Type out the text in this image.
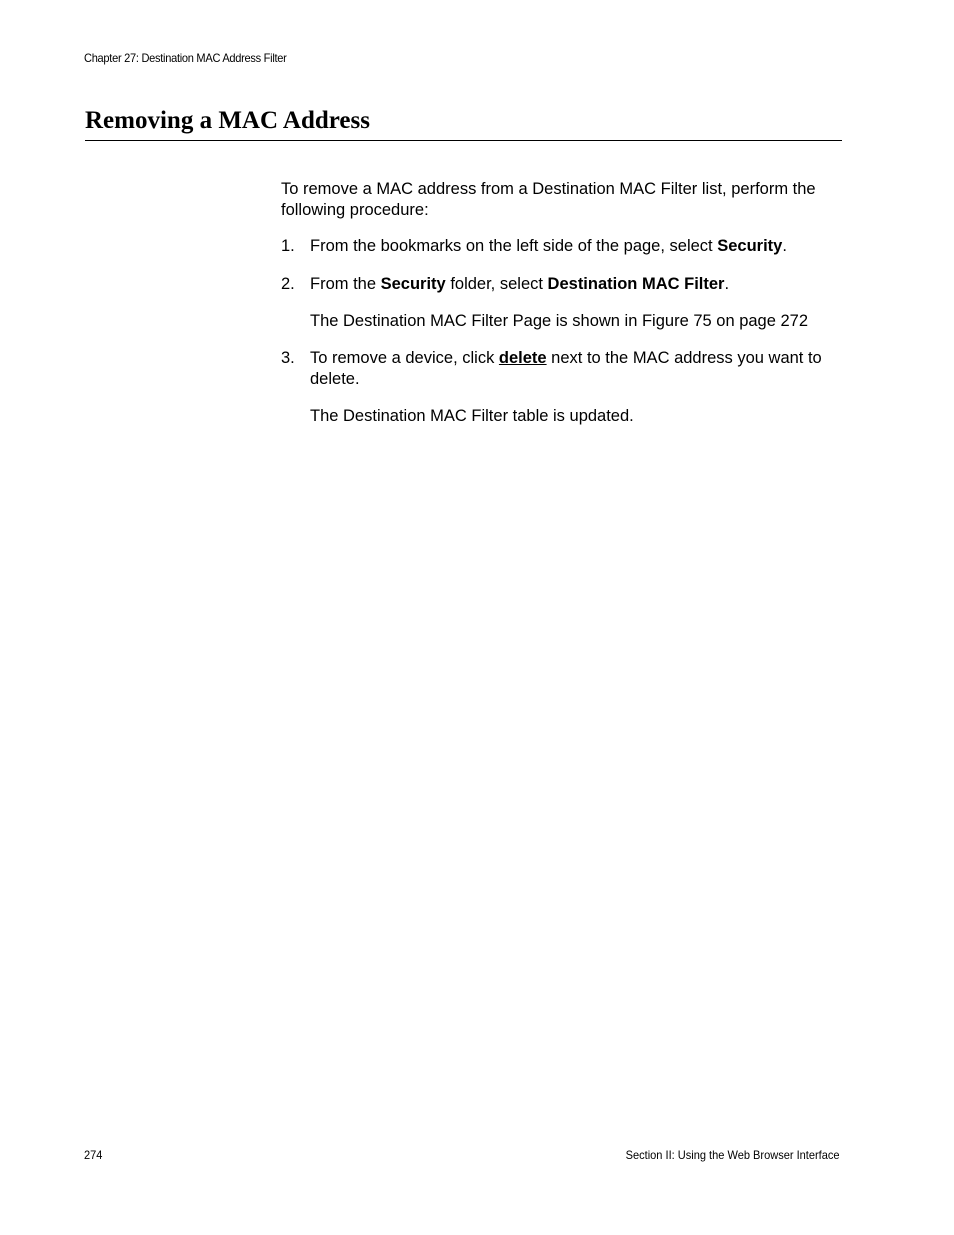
Chapter 27: Destination MAC Address Filter
Removing a MAC Address

To remove a MAC address from a Destination MAC Filter list, perform the following procedure:

1. From the bookmarks on the left side of the page, select Security.
2. From the Security folder, select Destination MAC Filter.
The Destination MAC Filter Page is shown in Figure 75 on page 272
3. To remove a device, click delete next to the MAC address you want to delete.
The Destination MAC Filter table is updated.
274	Section II: Using the Web Browser Interface
